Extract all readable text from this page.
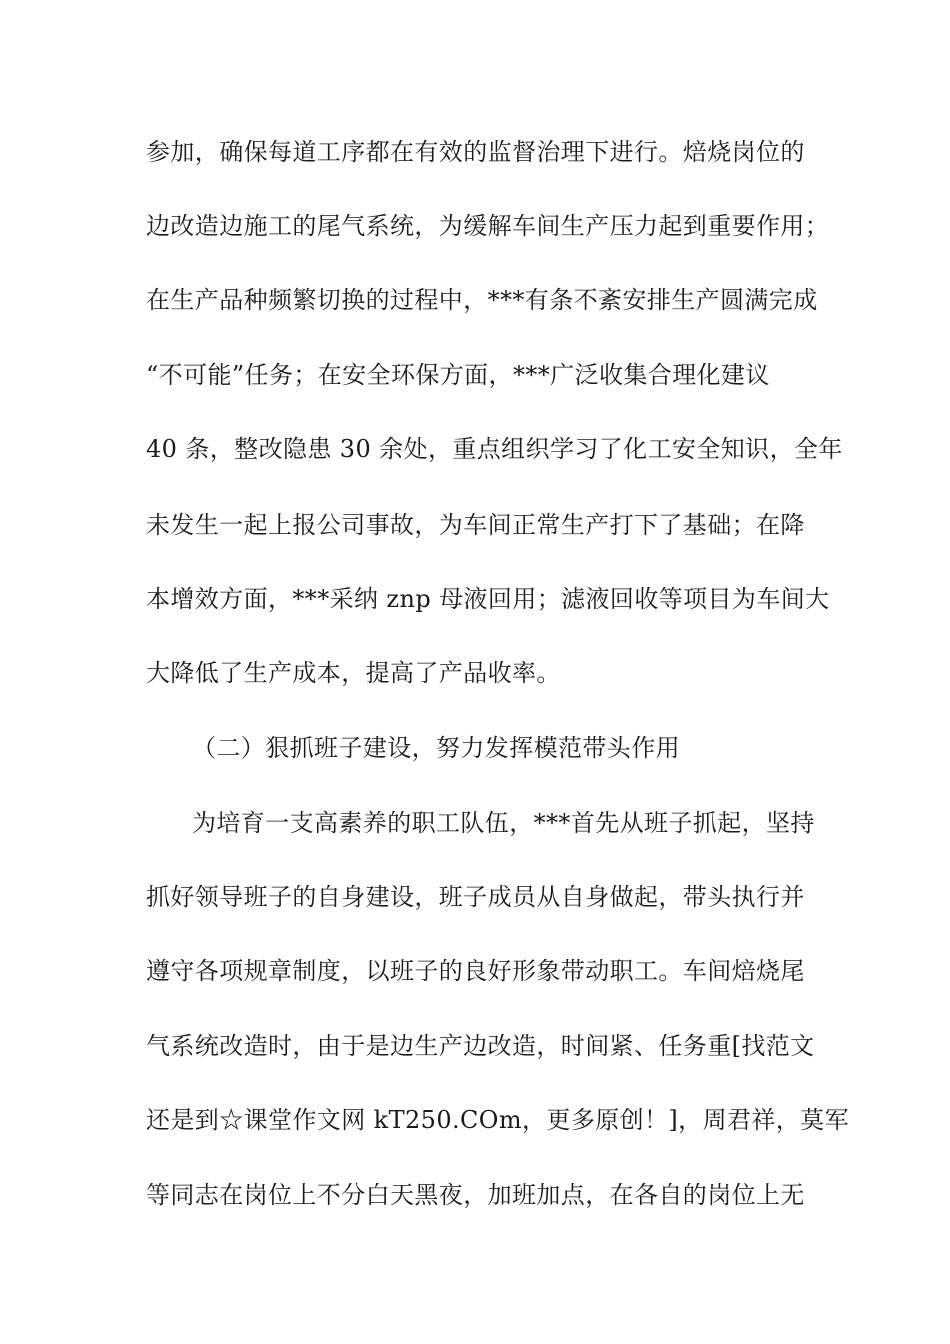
参加，确保每道工序都在有效的监督治理下进行。焙烧岗位的
边改造边施工的尾气系统，为缓解车间生产压力起到重要作用；
在生产品种频繁切换的过程中，***有条不紊安排生产圆满完成
“不可能”任务；在安全环保方面，***广泛收集合理化建议
40 条，整改隐患 30 余处，重点组织学习了化工安全知识，全年
未发生一起上报公司事故，为车间正常生产打下了基础；在降
本增效方面，***采纳 znp 母液回用；滤液回收等项目为车间大
大降低了生产成本，提高了产品收率。
（二）狠抓班子建设，努力发挥模范带头作用
为培育一支高素养的职工队伍，***首先从班子抓起，坚持
抓好领导班子的自身建设，班子成员从自身做起，带头执行并
遵守各项规章制度，以班子的良好形象带动职工。车间焙烧尾
气系统改造时，由于是边生产边改造，时间紧、任务重[找范文
还是到☆课堂作文网 kT250.COm，更多原创！]，周君祥，莫军
等同志在岗位上不分白天黑夜，加班加点，在各自的岗位上无
